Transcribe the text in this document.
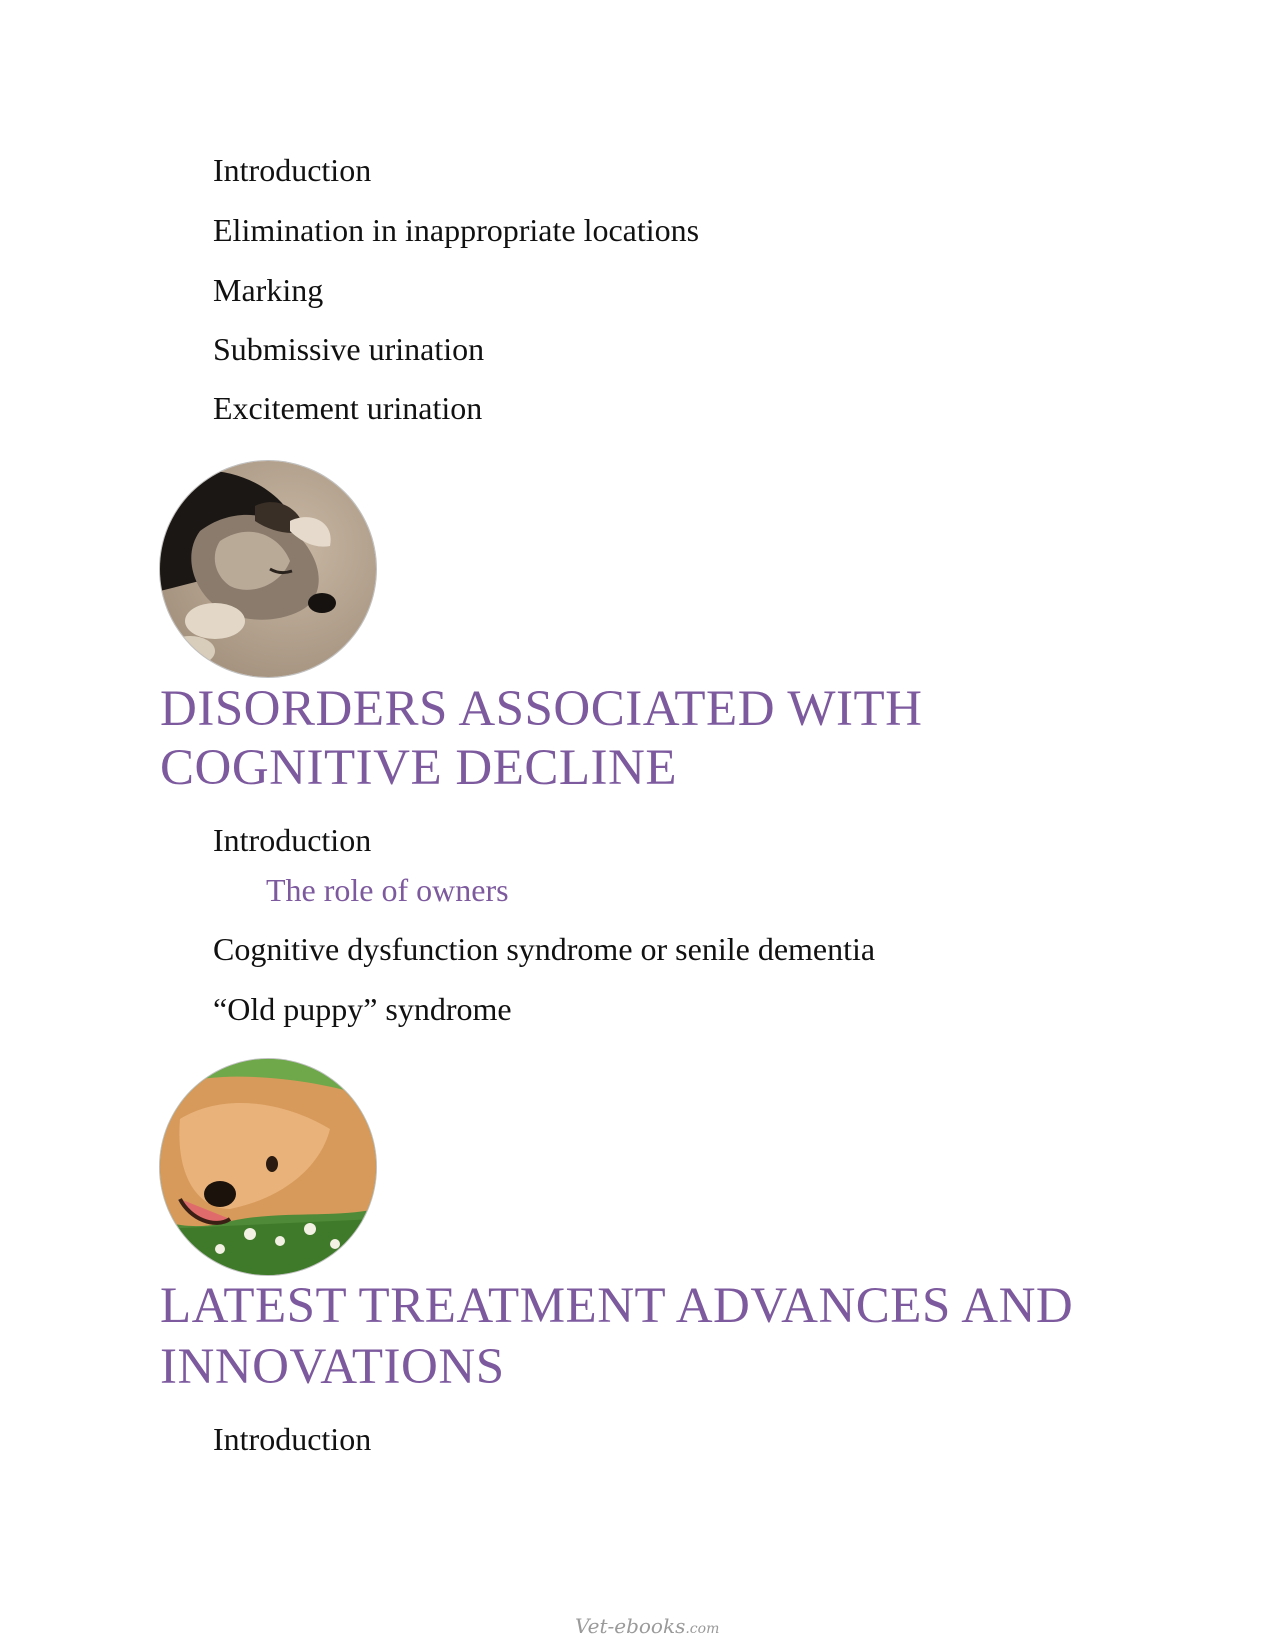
Introduction
Elimination in inappropriate locations
Marking
Submissive urination
Excitement urination
DISORDERS ASSOCIATED WITH
COGNITIVE DECLINE
Introduction
The role of owners
Cognitive dysfunction syndrome or senile dementia
“Old puppy” syndrome
LATEST TREATMENT ADVANCES AND
INNOVATIONS
Introduction
Vet-ebooks.com
